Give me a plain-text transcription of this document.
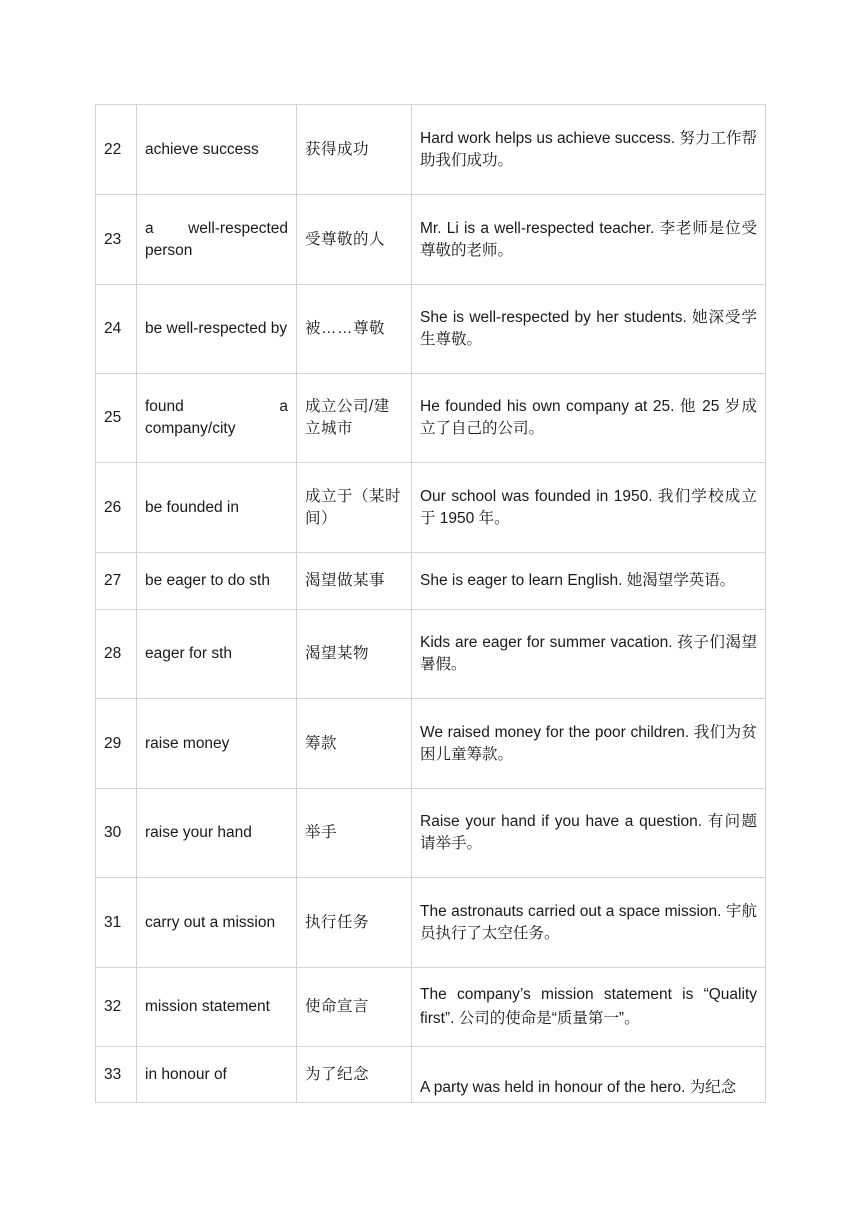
22	achieve success	获得成功	Hard work helps us achieve success. 努力工作帮助我们成功。
23	a well-respected person	受尊敬的人	Mr. Li is a well-respected teacher. 李老师是位受尊敬的老师。
24	be well-respected by	被……尊敬	She is well-respected by her students. 她深受学生尊敬。
25	found a company/city	成立公司/建立城市	He founded his own company at 25. 他 25 岁成立了自己的公司。
26	be founded in	成立于（某时间）	Our school was founded in 1950. 我们学校成立于 1950 年。
27	be eager to do sth	渴望做某事	She is eager to learn English. 她渴望学英语。
28	eager for sth	渴望某物	Kids are eager for summer vacation. 孩子们渴望暑假。
29	raise money	筹款	We raised money for the poor children. 我们为贫困儿童筹款。
30	raise your hand	举手	Raise your hand if you have a question. 有问题请举手。
31	carry out a mission	执行任务	The astronauts carried out a space mission. 宇航员执行了太空任务。
32	mission statement	使命宣言	The company’s mission statement is “Quality first”. 公司的使命是“质量第一”。
33	in honour of	为了纪念	A party was held in honour of the hero. 为纪念
